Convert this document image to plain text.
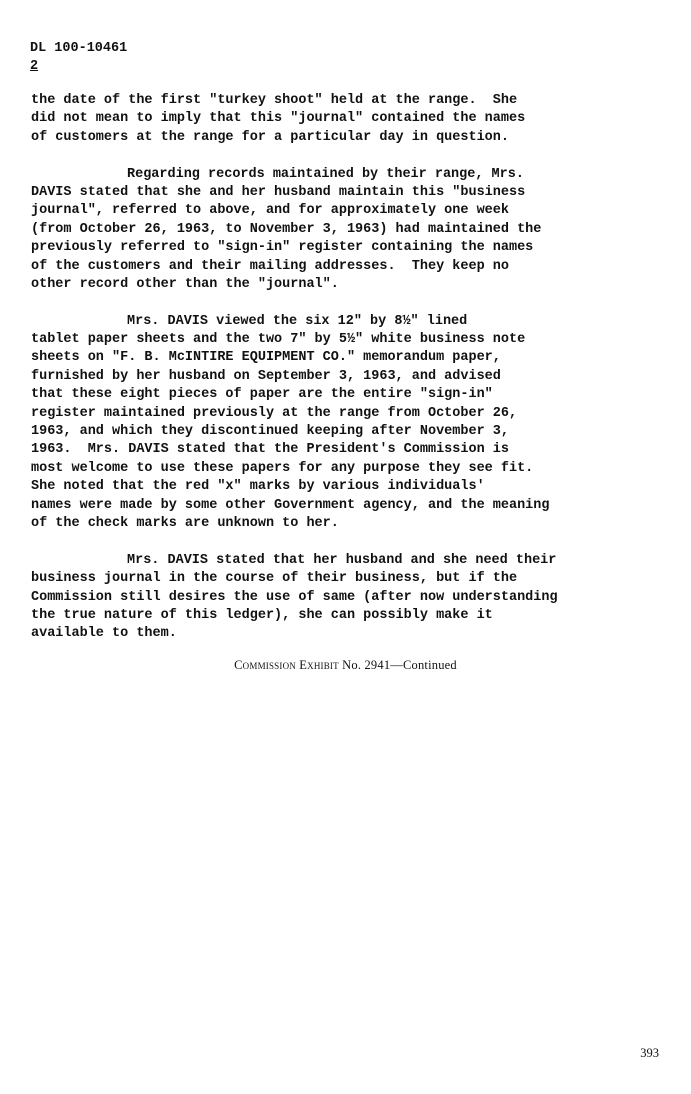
DL 100-10461
2
the date of the first "turkey shoot" held at the range.  She
did not mean to imply that this "journal" contained the names
of customers at the range for a particular day in question.
Regarding records maintained by their range, Mrs.
DAVIS stated that she and her husband maintain this "business
journal", referred to above, and for approximately one week
(from October 26, 1963, to November 3, 1963) had maintained the
previously referred to "sign-in" register containing the names
of the customers and their mailing addresses.  They keep no
other record other than the "journal".
Mrs. DAVIS viewed the six 12" by 8½" lined
tablet paper sheets and the two 7" by 5½" white business note
sheets on "F. B. McINTIRE EQUIPMENT CO." memorandum paper,
furnished by her husband on September 3, 1963, and advised
that these eight pieces of paper are the entire "sign-in"
register maintained previously at the range from October 26,
1963, and which they discontinued keeping after November 3,
1963.  Mrs. DAVIS stated that the President's Commission is
most welcome to use these papers for any purpose they see fit.
She noted that the red "x" marks by various individuals'
names were made by some other Government agency, and the meaning
of the check marks are unknown to her.
Mrs. DAVIS stated that her husband and she need their
business journal in the course of their business, but if the
Commission still desires the use of same (after now understanding
the true nature of this ledger), she can possibly make it
available to them.
Commission Exhibit No. 2941—Continued
393
